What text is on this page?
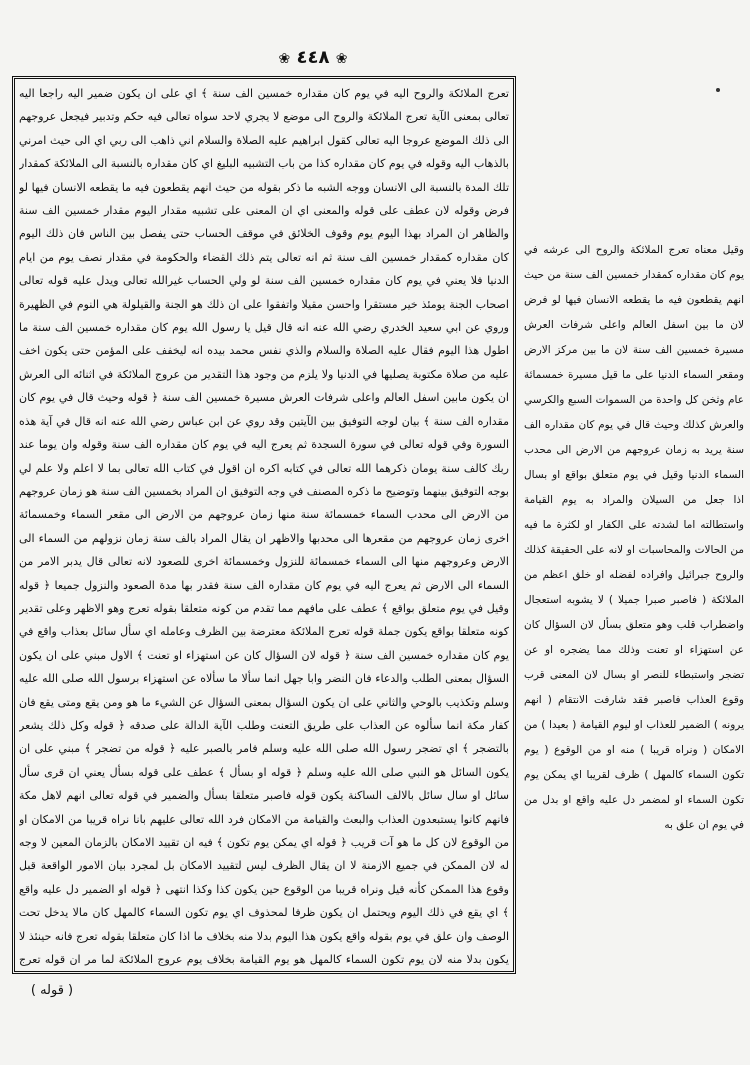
❀ ٤٤٨ ❀

تعرج الملائكة والروح اليه في يوم كان مقداره خمسين الف سنة ﴾ اي على ان يكون ضمير اليه راجعا اليه تعالى بمعنى الآية تعرج الملائكة والروح الى موضع لا يجري لاحد سواه تعالى فيه حكم وتدبير فيجعل عروجهم الى ذلك الموضع عروجا اليه تعالى كقول ابراهيم عليه الصلاة والسلام اني ذاهب الى ربي اي الى حيث امرني بالذهاب اليه وقوله في يوم كان مقداره كذا من باب التشبيه البليغ اي كان مقداره بالنسبة الى الملائكة كمقدار تلك المدة بالنسبة الى الانسان ووجه الشبه ما ذكر بقوله من حيث انهم يقطعون فيه ما يقطعه الانسان فيها لو فرض وقوله لان عطف على قوله والمعنى اي ان المعنى على تشبيه مقدار اليوم مقدار خمسين الف سنة والظاهر ان المراد بهذا اليوم يوم وقوف الخلائق في موقف الحساب حتى يفصل بين الناس فان ذلك اليوم كان مقداره كمقدار خمسين الف سنة ثم انه تعالى يتم ذلك القضاء والحكومة في مقدار نصف يوم من ايام الدنيا فلا يعني في يوم كان مقداره خمسين الف سنة لو ولي الحساب غيرالله تعالى ويدل عليه قوله تعالى اصحاب الجنة يومئذ خير مستقرا واحسن مقيلا واتفقوا على ان ذلك هو الجنة والقيلولة هي النوم في الظهيرة وروي عن ابي سعيد الخدري رضي الله عنه انه قال قيل يا رسول الله يوم كان مقداره خمسين الف سنة ما اطول هذا اليوم فقال عليه الصلاة والسلام والذي نفس محمد بيده انه ليخفف على المؤمن حتى يكون اخف عليه من صلاة مكتوبة يصليها في الدنيا ولا يلزم من وجود هذا التقدير من عروج الملائكة في اثنائه الى العرش ان يكون مابين اسفل العالم واعلى شرفات العرش مسيرة خمسين الف سنة ﴿ قوله وحيث قال في يوم كان مقداره الف سنة ﴾ بيان لوجه التوفيق بين الآيتين وقد روي عن ابن عباس رضي الله عنه انه قال في آية هذه السورة وفي قوله تعالى في سورة السجدة ثم يعرج اليه في يوم كان مقداره الف سنة وقوله وان يوما عند ربك كالف سنة يومان ذكرهما الله تعالى في كتابه اكره ان اقول في كتاب الله تعالى بما لا اعلم ولا علم لي بوجه التوفيق بينهما وتوضيح ما ذكره المصنف في وجه التوفيق ان المراد بخمسين الف سنة هو زمان عروجهم من الارض الى محدب السماء خمسمائة سنة منها زمان عروجهم من الارض الى مقعر السماء وخمسمائة اخرى زمان عروجهم من مقعرها الى محدبها والاظهر ان يقال المراد بالف سنة زمان نزولهم من السماء الى الارض وعروجهم منها الى السماء خمسمائة للنزول وخمسمائة اخرى للصعود لانه تعالى قال يدبر الامر من السماء الى الارض ثم يعرج اليه في يوم كان مقداره الف سنة فقدر بها مدة الصعود والنزول جميعا ﴿ قوله وقيل في يوم متعلق بواقع ﴾ عطف على مافهم مما تقدم من كونه متعلقا بقوله تعرج وهو الاظهر وعلى تقدير كونه متعلقا بواقع يكون جملة قوله تعرج الملائكة معترضة بين الظرف وعامله اي سأل سائل بعذاب واقع في يوم كان مقداره خمسين الف سنة ﴿ قوله لان السؤال كان عن استهزاء او تعنت ﴾ الاول مبني على ان يكون السؤال بمعنى الطلب والدعاء فان النضر وابا جهل انما سألا ما سألاه عن استهزاء برسول الله صلى الله عليه وسلم وتكذيب بالوحي والثاني على ان يكون السؤال بمعنى السؤال عن الشيء ما هو ومن يقع ومتى يقع فان كفار مكة انما سألوه عن العذاب على طريق التعنت وطلب الآية الدالة على صدقه ﴿ قوله وكل ذلك يشعر بالتضجر ﴾ اي تضجر رسول الله صلى الله عليه وسلم فامر بالصبر عليه ﴿ قوله من تضجر ﴾ مبني على ان يكون السائل هو النبي صلى الله عليه وسلم ﴿ قوله او بسأل ﴾ عطف على قوله بسأل يعني ان قرى سأل سائل او سال سائل بالالف الساكنة يكون قوله فاصبر متعلقا بسأل والضمير في قوله تعالى انهم لاهل مكة فانهم كانوا يستبعدون العذاب والبعث والقيامة من الامكان فرد الله تعالى عليهم بانا نراه قريبا من الامكان او من الوقوع لان كل ما هو آت قريب ﴿ قوله اي يمكن يوم تكون ﴾ فيه ان تقييد الامكان بالزمان المعين لا وجه له لان الممكن في جميع الازمنة لا ان يقال الظرف ليس لتقييد الامكان بل لمجرد بيان الامور الواقعة قبل وقوع هذا الممكن كأنه قيل ونراه قريبا من الوقوع حين يكون كذا وكذا انتهى ﴿ قوله او الضمير دل عليه واقع ﴾ اي يقع في ذلك اليوم ويحتمل ان يكون ظرفا لمحذوف اي يوم تكون السماء كالمهل كان مالا يدخل تحت الوصف وان علق في يوم بقوله واقع يكون هذا اليوم بدلا منه بخلاف ما اذا كان متعلقا بقوله تعرج فانه حينئذ لا يكون بدلا منه لان يوم تكون السماء كالمهل هو يوم القيامة بخلاف يوم عروج الملائكة لما مر ان قوله تعرج

وقيل معناه تعرج الملائكة والروح الى عرشه في يوم كان مقداره كمقدار خمسين الف سنة من حيث انهم يقطعون فيه ما يقطعه الانسان فيها لو فرض لان ما بين اسفل العالم واعلى شرفات العرش مسيرة خمسين الف سنة لان ما بين مركز الارض ومقعر السماء الدنيا على ما قيل مسيرة خمسمائة عام وثخن كل واحدة من السموات السبع والكرسي والعرش كذلك وحيث قال في يوم كان مقداره الف سنة يريد به زمان عروجهم من الارض الى محدب السماء الدنيا وقيل في يوم متعلق بواقع او بسال اذا جعل من السيلان والمراد به يوم القيامة واستطالته اما لشدته على الكفار او لكثرة ما فيه من الحالات والمحاسبات او لانه على الحقيقة كذلك والروح جبرائيل وافراده لفضله او خلق اعظم من الملائكة ( فاصبر صبرا جميلا ) لا يشوبه استعجال واضطراب قلب وهو متعلق بسأل لان السؤال كان عن استهزاء او تعنت وذلك مما يضجره او عن تضجر واستبطاء للنصر او بسال لان المعنى قرب وقوع العذاب فاصبر فقد شارفت الانتقام ( انهم يرونه ) الضمير للعذاب او ليوم القيامة ( بعيدا ) من الامكان ( ونراه قريبا ) منه او من الوقوع ( يوم تكون السماء كالمهل ) ظرف لقريبا اي يمكن يوم تكون السماء او لمضمر دل عليه واقع او بدل من في يوم ان علق به

( قوله )
